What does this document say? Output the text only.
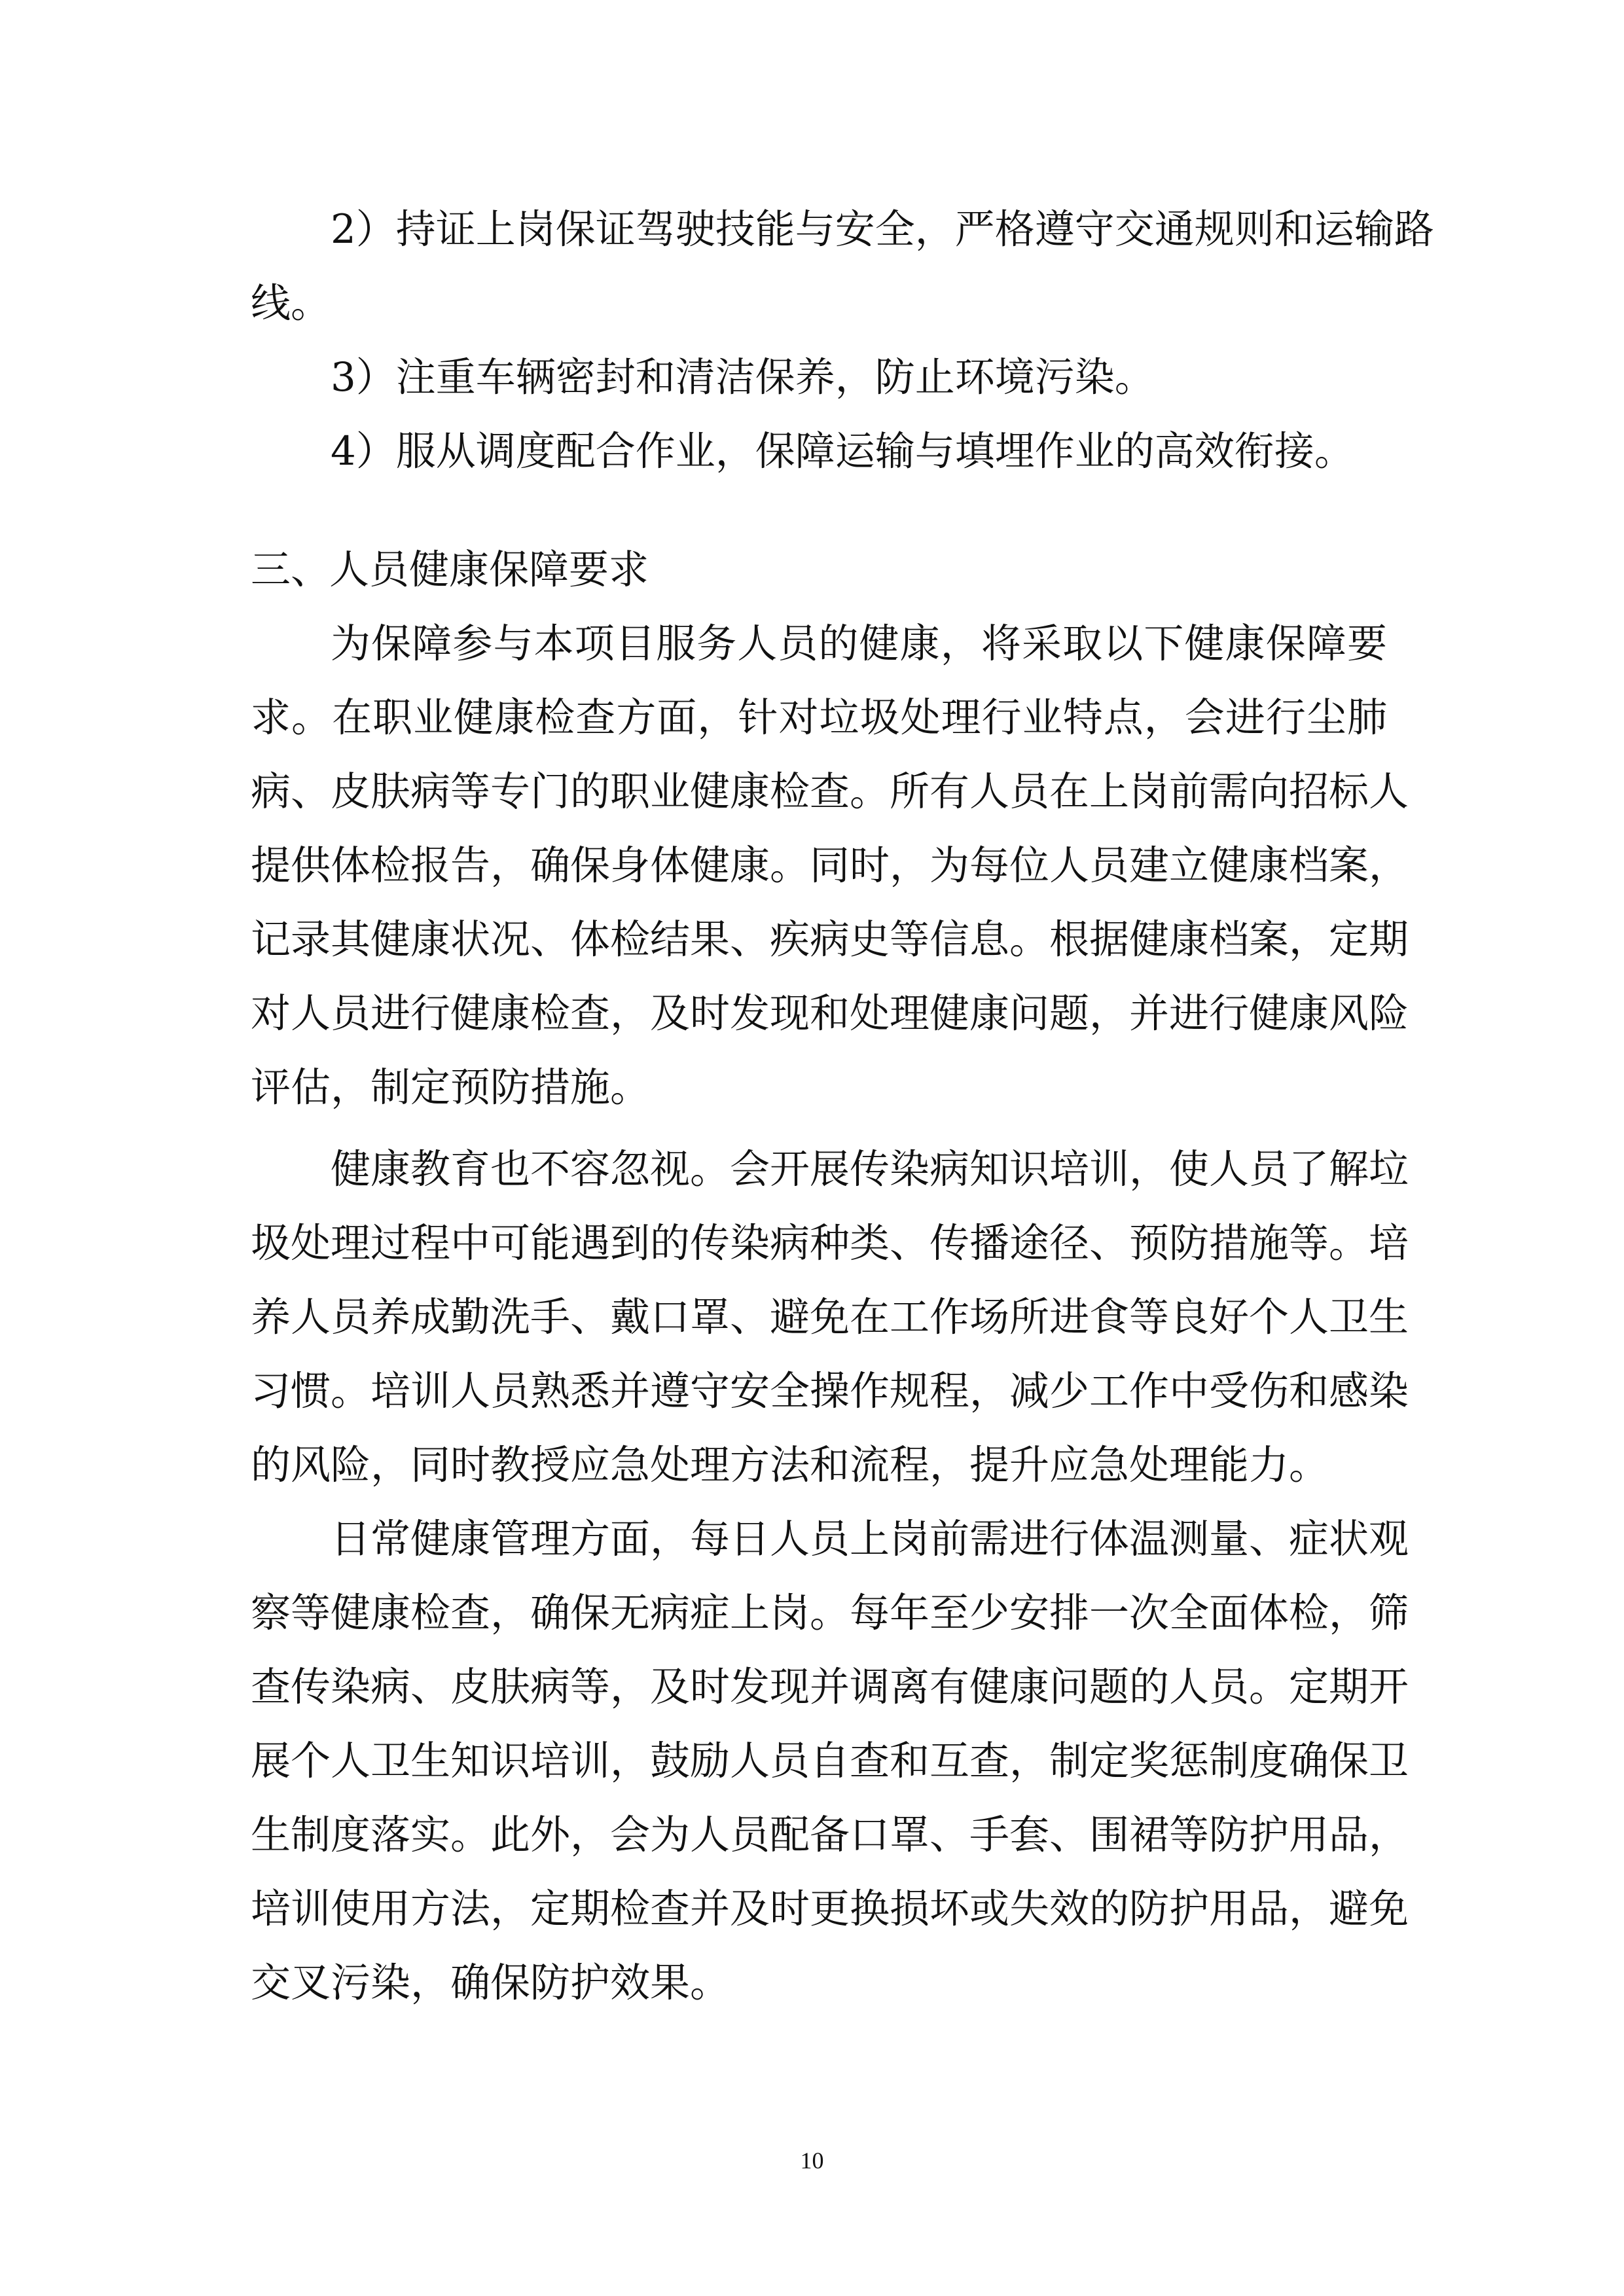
2）持证上岗保证驾驶技能与安全，严格遵守交通规则和运输路
线。
3）注重车辆密封和清洁保养，防止环境污染。
4）服从调度配合作业，保障运输与填埋作业的高效衔接。
三、
人员健康保障要求
为保障参与本项目服务人员的健康，将采取以下健康保障要
求。在职业健康检查方面，针对垃圾处理行业特点，会进行尘肺
病、皮肤病等专门的职业健康检查。所有人员在上岗前需向招标人
提供体检报告，确保身体健康。同时，为每位人员建立健康档案，
记录其健康状况、体检结果、疾病史等信息。根据健康档案，定期
对人员进行健康检查，及时发现和处理健康问题，并进行健康风险
评估，制定预防措施。
健康教育也不容忽视。会开展传染病知识培训，使人员了解垃
圾处理过程中可能遇到的传染病种类、传播途径、预防措施等。培
养人员养成勤洗手、戴口罩、避免在工作场所进食等良好个人卫生
习惯。培训人员熟悉并遵守安全操作规程，减少工作中受伤和感染
的风险，同时教授应急处理方法和流程，提升应急处理能力。
日常健康管理方面，每日人员上岗前需进行体温测量、症状观
察等健康检查，确保无病症上岗。每年至少安排一次全面体检，筛
查传染病、皮肤病等，及时发现并调离有健康问题的人员。定期开
展个人卫生知识培训，鼓励人员自查和互查，制定奖惩制度确保卫
生制度落实。此外，会为人员配备口罩、手套、围裙等防护用品，
培训使用方法，定期检查并及时更换损坏或失效的防护用品，避免
交叉污染，确保防护效果。
10
